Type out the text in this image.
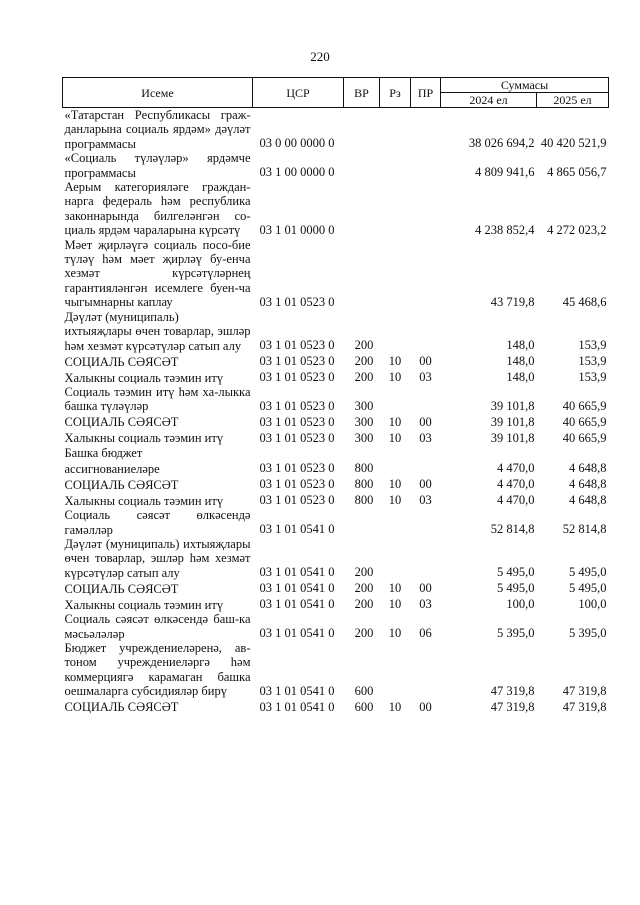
220
Исеме	ЦСР	ВР	Рз	ПР	Суммасы	
					2024 ел	2025 ел
«Татарстан Республикасы граж-данларына социаль ярдәм» дәүләт программасы	03 0 00 0000 0				38 026 694,2	40 420 521,9
«Социаль түләүләр» ярдәмче программасы	03 1 00 0000 0				4 809 941,6	4 865 056,7
Аерым категорияләге граждан-нарга федераль һәм республика законнарында билгеләнгән со-циаль ярдәм чараларына күрсәтү	03 1 01 0000 0				4 238 852,4	4 272 023,2
Мәет җирләүгә социаль посо-бие түләү һәм мәет җирләү бу-енча хезмәт күрсәтүләрнең гарантияләнгән исемлеге буен-ча чыгымнарны каплау	03 1 01 0523 0				43 719,8	45 468,6
Дәүләт (муниципаль)						
ихтыяҗлары өчен товарлар, эшләр һәм хезмәт күрсәтүләр сатып алу	03 1 01 0523 0	200			148,0	153,9
СОЦИАЛЬ СӘЯСӘТ	03 1 01 0523 0	200	10	00	148,0	153,9
Халыкны социаль тәэмин итү	03 1 01 0523 0	200	10	03	148,0	153,9
Социаль тәэмин итү һәм ха-лыкка башка түләүләр	03 1 01 0523 0	300			39 101,8	40 665,9
СОЦИАЛЬ СӘЯСӘТ	03 1 01 0523 0	300	10	00	39 101,8	40 665,9
Халыкны социаль тәэмин итү	03 1 01 0523 0	300	10	03	39 101,8	40 665,9
Башка бюджет						
ассигнованиеләре	03 1 01 0523 0	800			4 470,0	4 648,8
СОЦИАЛЬ СӘЯСӘТ	03 1 01 0523 0	800	10	00	4 470,0	4 648,8
Халыкны социаль тәэмин итү	03 1 01 0523 0	800	10	03	4 470,0	4 648,8
Социаль сәясәт өлкәсендә гамәлләр	03 1 01 0541 0				52 814,8	52 814,8
Дәүләт (муниципаль) ихтыяҗлары өчен товарлар, эшләр һәм хезмәт күрсәтүләр сатып алу	03 1 01 0541 0	200			5 495,0	5 495,0
СОЦИАЛЬ СӘЯСӘТ	03 1 01 0541 0	200	10	00	5 495,0	5 495,0
Халыкны социаль тәэмин итү	03 1 01 0541 0	200	10	03	100,0	100,0
Социаль сәясәт өлкәсендә баш-ка мәсьәләләр	03 1 01 0541 0	200	10	06	5 395,0	5 395,0
Бюджет учреждениеләренә, ав-тоном учреждениеләргә һәм коммерциягә карамаган башка оешмаларга субсидияләр бирү	03 1 01 0541 0	600			47 319,8	47 319,8
СОЦИАЛЬ СӘЯСӘТ	03 1 01 0541 0	600	10	00	47 319,8	47 319,8
